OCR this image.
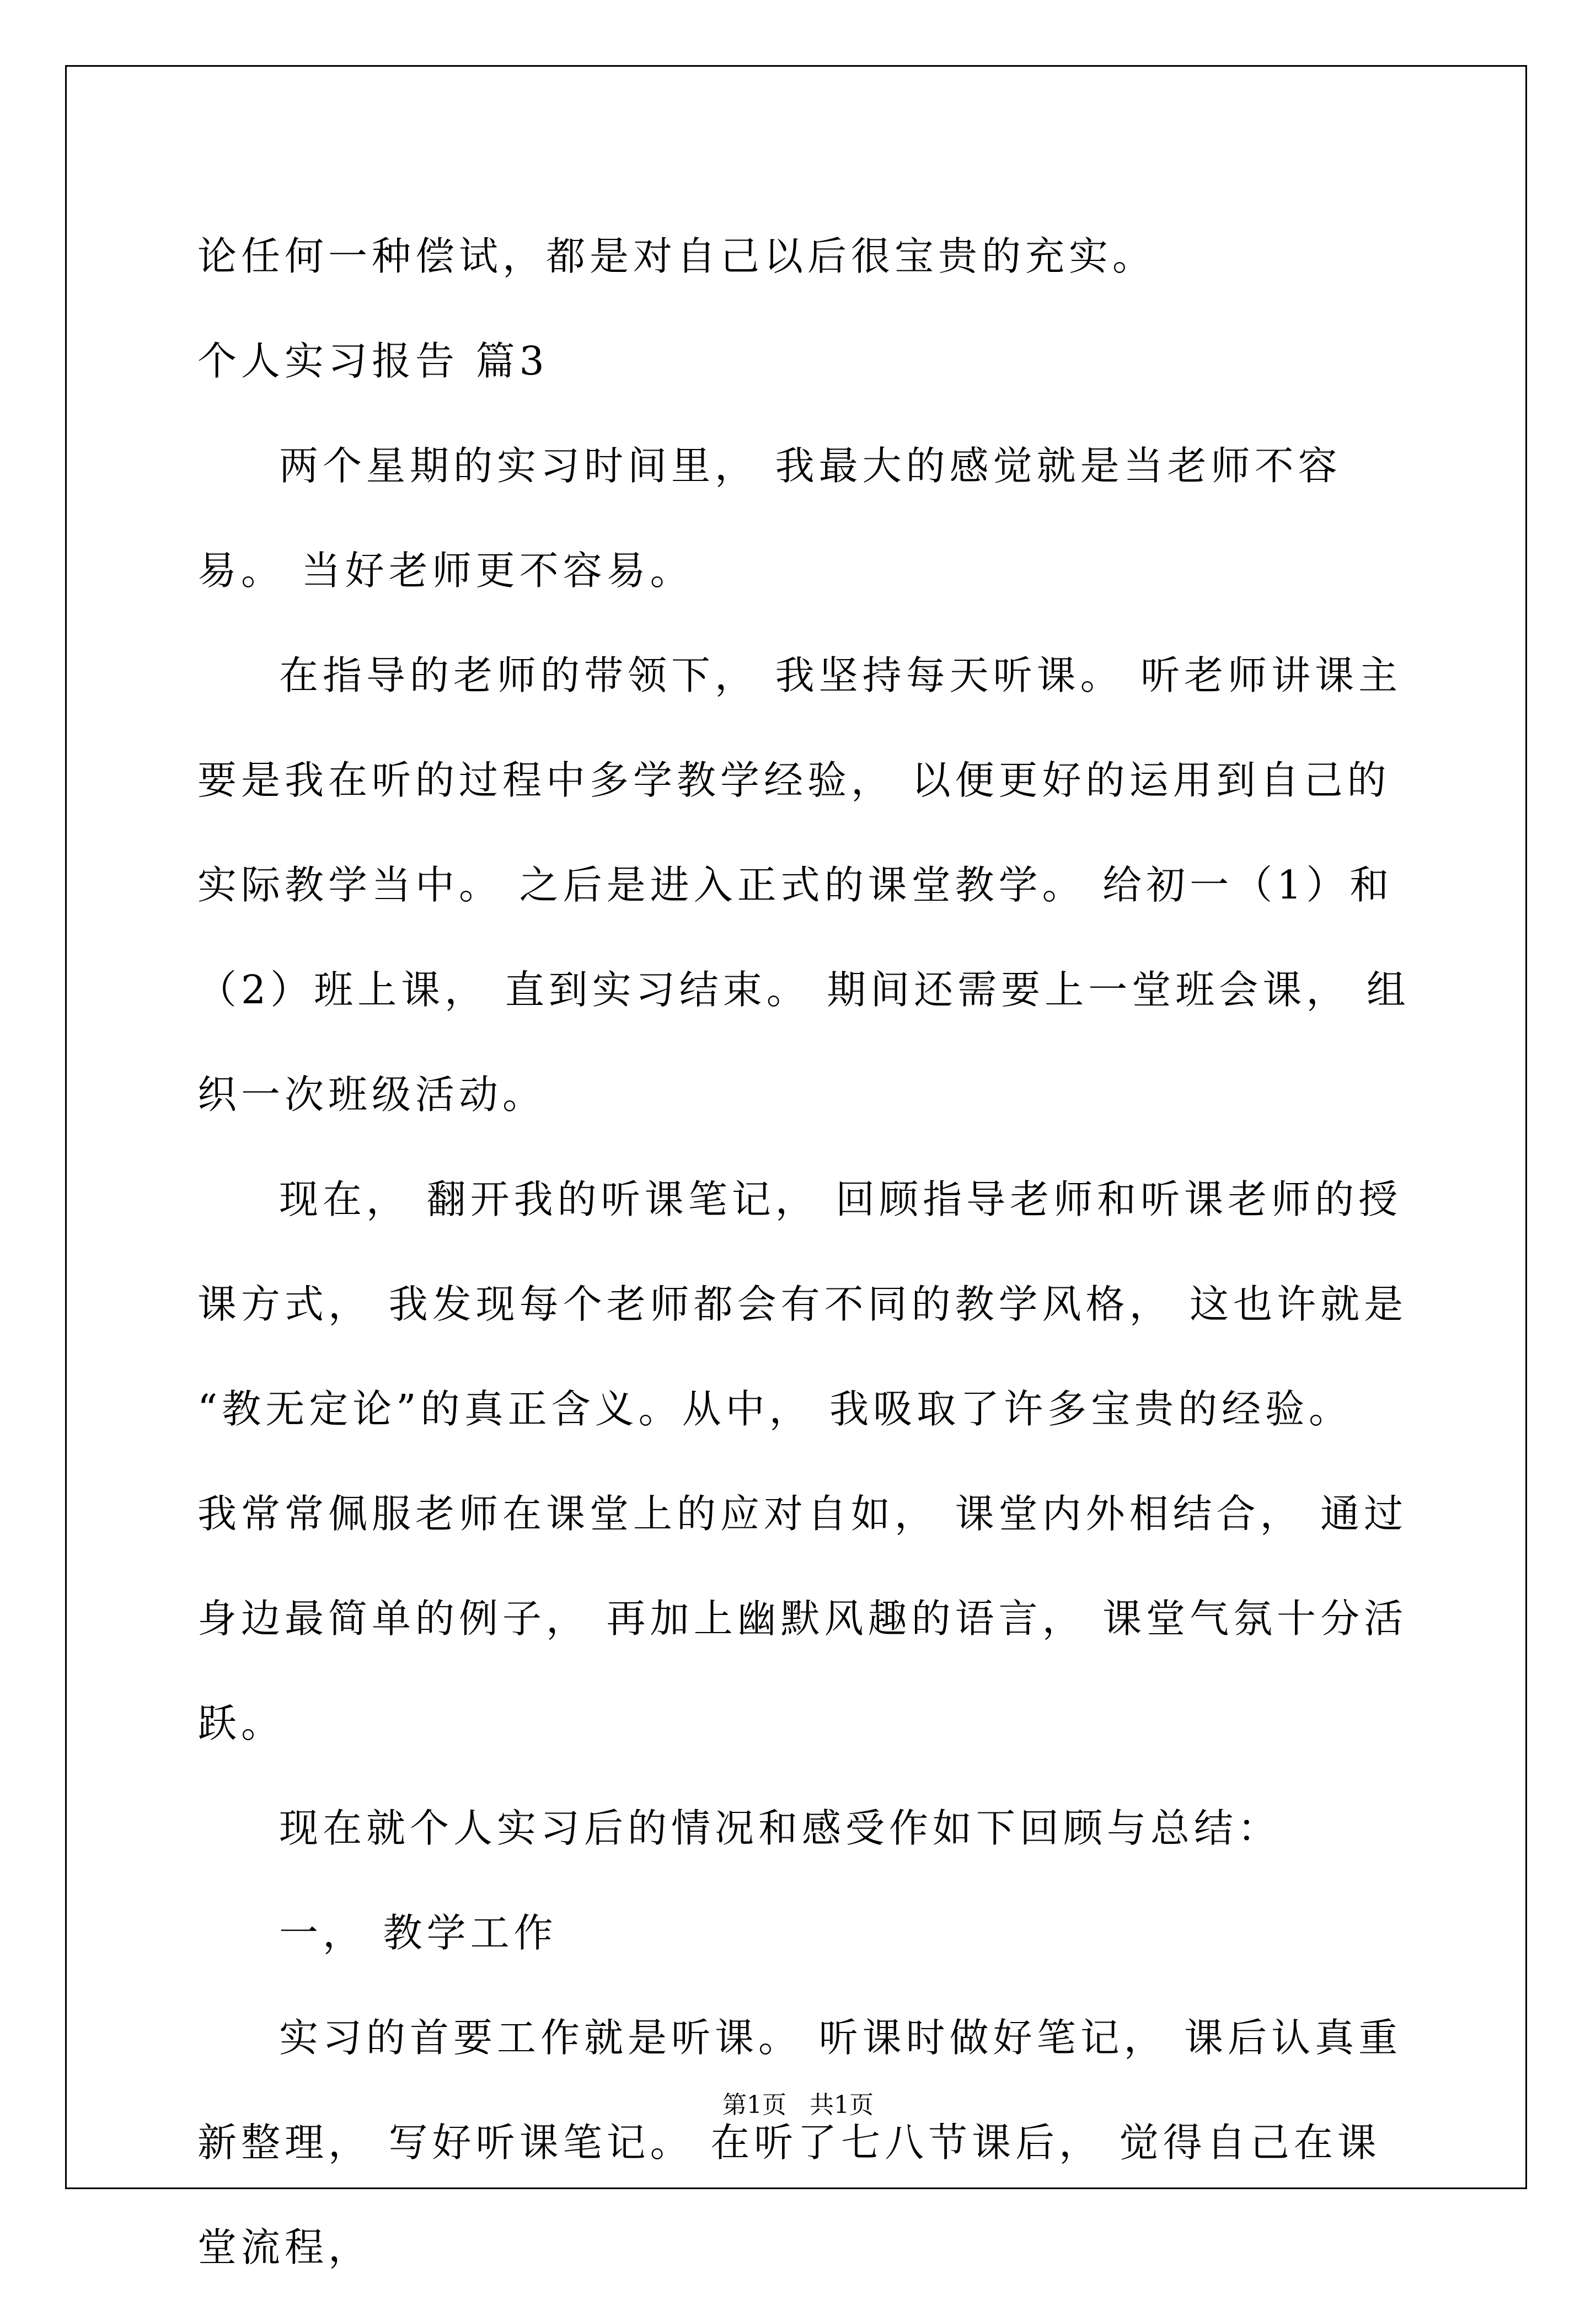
论任何一种偿试，都是对自己以后很宝贵的充实。

个人实习报告 篇3

两个星期的实习时间里， 我最大的感觉就是当老师不容易。 当好老师更不容易。

在指导的老师的带领下， 我坚持每天听课。 听老师讲课主要是我在听的过程中多学教学经验， 以便更好的运用到自己的实际教学当中。 之后是进入正式的课堂教学。 给初一（1）和（2）班上课， 直到实习结束。 期间还需要上一堂班会课， 组织一次班级活动。

现在， 翻开我的听课笔记， 回顾指导老师和听课老师的授课方式， 我发现每个老师都会有不同的教学风格， 这也许就是 “教无定论”的真正含义。从中， 我吸取了许多宝贵的经验。 我常常佩服老师在课堂上的应对自如， 课堂内外相结合， 通过身边最简单的例子， 再加上幽默风趣的语言， 课堂气氛十分活跃。

现在就个人实习后的情况和感受作如下回顾与总结：

一， 教学工作

实习的首要工作就是听课。 听课时做好笔记， 课后认真重新整理， 写好听课笔记。 在听了七八节课后， 觉得自己在课堂流程，

第1页   共1页
